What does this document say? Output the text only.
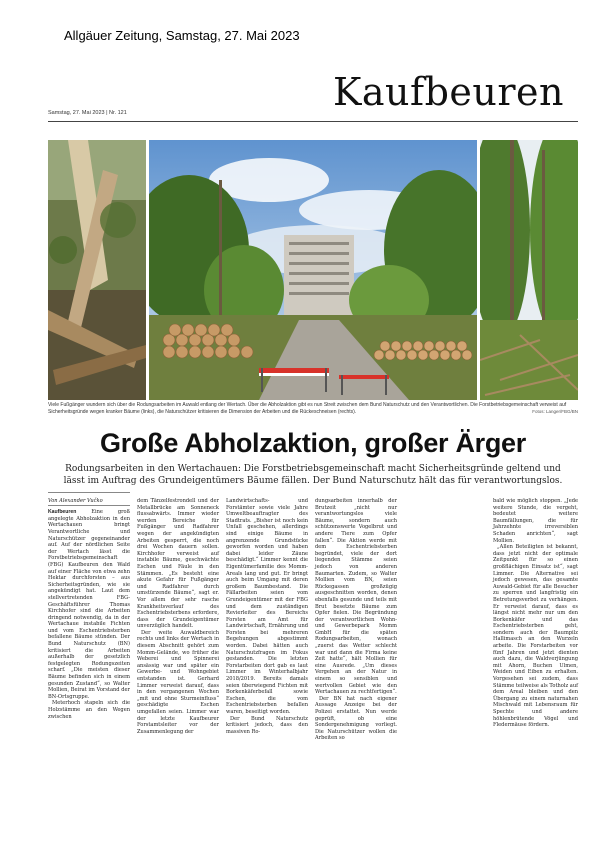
Allgäuer Zeitung, Samstag, 27. Mai 2023
Samstag, 27. Mai 2023 | Nr. 121	Kaufbeuren
Viele Fußgänger wundern sich über die Rodungsarbeiten im Auwald entlang der Wertach. Über die Abholzaktion gibt es nun Streit zwischen dem Bund Naturschutz und den Verantwortlichen. Die Forstbetriebsgemeinschaft verweist auf Sicherheitsgründe wegen kranker Bäume (links), die Naturschützer kritisieren die Dimension der Arbeiten und die Rückeschneisen (rechts).	Fotos: Langer/FBG/BN
Große Abholzaktion, großer Ärger
Rodungsarbeiten in den Wertachauen: Die Forstbetriebsgemeinschaft macht Sicherheitsgründe geltend und lässt im Auftrag des Grundeigentümers Bäume fällen. Der Bund Naturschutz hält das für verantwortungslos.

Von Alexander Vučko

Kaufbeuren	Eine groß angelegte Abholzaktion in den Wertachauen bringt Verantwortliche und Naturschützer gegeneinander auf. Auf der nördlichen Seite der Wertach lässt die Forstbetriebsgemeinschaft (FBG) Kaufbeuren den Wald auf einer Fläche von etwa zehn Hektar durchforsten – aus Sicherheitsgründen, wie sie angekündigt hat. Laut dem stellvertretenden FBG-Geschäftsführer Thomas Kirchhofer sind die Arbeiten dringend notwendig, da in der Wertachaue instabile Fichten und vom Eschentriebsterben befallene Bäume stünden. Der Bund Naturschutz (BN) kritisiert die Arbeiten außerhalb der gesetzlich festgelegten Rodungszeiten scharf. „Die meisten dieser Bäume befinden sich in einem gesunden Zustand“, so Walter Mollien, Beirat im Vorstand der BN-Ortsgruppe.

Meterhoch stapeln sich die Holzstämme an den Wegen zwischen

dem Tänzelfestrondell und der Metallbrücke am Sonneneck flussabwärts. Immer wieder werden Bereiche für Fußgänger und Radfahrer wegen der angekündigten Arbeiten gesperrt, die noch drei Wochen dauern sollen. Kirchhofer verweist auf instabile Bäume, geschwächte Eschen und Fäule in den Stämmen. „Es besteht eine akute Gefahr für Fußgänger und Radfahrer durch umstürzende Bäume“, sagt er. Vor allem der sehr rasche Krankheitsverlauf des Eschentriebsterbens erfordere, dass der Grundeigentümer unverzüglich handelt.

Der weite Auwaldbereich rechts und links der Wertach in diesem Abschnitt gehört zum Momm-Gelände, wo früher die Weberei und Spinnerei ansässig war und später ein Gewerbe- und Wohngebiet entstanden ist. Gerhard Limmer verweist darauf, dass in den vergangenen Wochen „mit und ohne Sturmeinfluss“ geschädigte Eschen umgefallen seien. Limmer war der letzte Kaufbeurer Forstamtsleiter vor der Zusammenlegung der

Landwirtschafts- und Forstämter sowie viele Jahre Umweltbeauftragter des Stadtrats. „Bisher ist noch kein Unfall geschehen, allerdings sind einige Bäume in angrenzende Grundstücke geworfen worden und haben dabei leider Zäune beschädigt.“ Limmer kennt die Eigentümerfamilie des Momm-Areals lang und gut. Er bringt auch beim Umgang mit deren großem Baumbestand. Die Fällarbeiten seien vom Grundeigentümer mit der FBG und dem zuständigen Revierleiter des Bereichs Forsten am Amt für Landwirtschaft, Ernährung und Forsten bei mehreren Begehungen abgestimmt worden. Dabei hätten auch Naturschutzfragen im Fokus gestanden. Die letzten Forstarbeiten dort gab es laut Limmer im Winterhalbjahr 2018/2019. Bereits damals seien überwiegend Fichten mit Borkenkäferbefall sowie Eschen, die vom Eschentriebsterben befallen waren, beseitigt worden.

Der Bund Naturschutz kritisiert jedoch, dass den massiven Ro-

dungsarbeiten innerhalb der Brutzeit „nicht nur verantwortungslos viele Bäume, sondern auch schützenswerte Vogelbrut und andere Tiere zum Opfer fallen“. Die Aktion werde mit dem Eschentriebsterben begründet, viele der dort liegenden Stämme seien jedoch von anderen Baumarten. Zudem, so Walter Mollien vom BN, seien Rückegassen großzügig ausgeschnitten worden, denen ebenfalls gesunde und teils mit Brut besetzte Bäume zum Opfer fielen. Die Begründung der verantwortlichen Wohn- und Gewerbepark Momm GmbH für die späten Rodungsarbeiten, wonach „zuerst das Wetter schlecht war und dann die Firma keine Zeit hatte“, hält Mollien für eine Ausrede. „Um dieses Vergehen an der Natur in einem so sensiblen und wertvollen Gebiet wie den Wertachauen zu rechtfertigen“.

Der BN hat nach eigener Aussage Anzeige bei der Polizei erstattet. Nun werde geprüft, ob eine Sondergenehmigung vorliegt. Die Naturschützer wollen die Arbeiten so

bald wie möglich stoppen. „Jede weitere Stunde, die vergeht, bedeutet weitere Baumfällungen, die für Jahrzehnte irreversiblen Schaden anrichten“, sagt Mollien.

„Allen Beteiligten ist bekannt, dass jetzt nicht der optimale Zeitpunkt für so einen großflächigen Einsatz ist“, sagt Limmer. Die Alternative sei jedoch gewesen, das gesamte Auwald-Gebiet für alle Besucher zu sperren und langfristig ein Betretungsverbot zu verhängen. Er verweist darauf, dass es längst nicht mehr nur um den Borkenkäfer und das Eschentriebsterben geht, sondern auch der Baumpilz Hallimasch an den Wurzeln arbeite. Die Forstarbeiten vor fünf Jahren und jetzt dienten auch dazu, die Waldverjüngung mit Ahorn, Buchen Ulmen, Weiden und Eiben zu erhalten. Vorgesehen sei zudem, dass Stämme teilweise als Totholz auf dem Areal bleiben und den Übergang zu einem naturnahen Mischwald mit Lebensraum für Spechte und andere höhlenbrütende Vögel und Fledermäuse fördern.
